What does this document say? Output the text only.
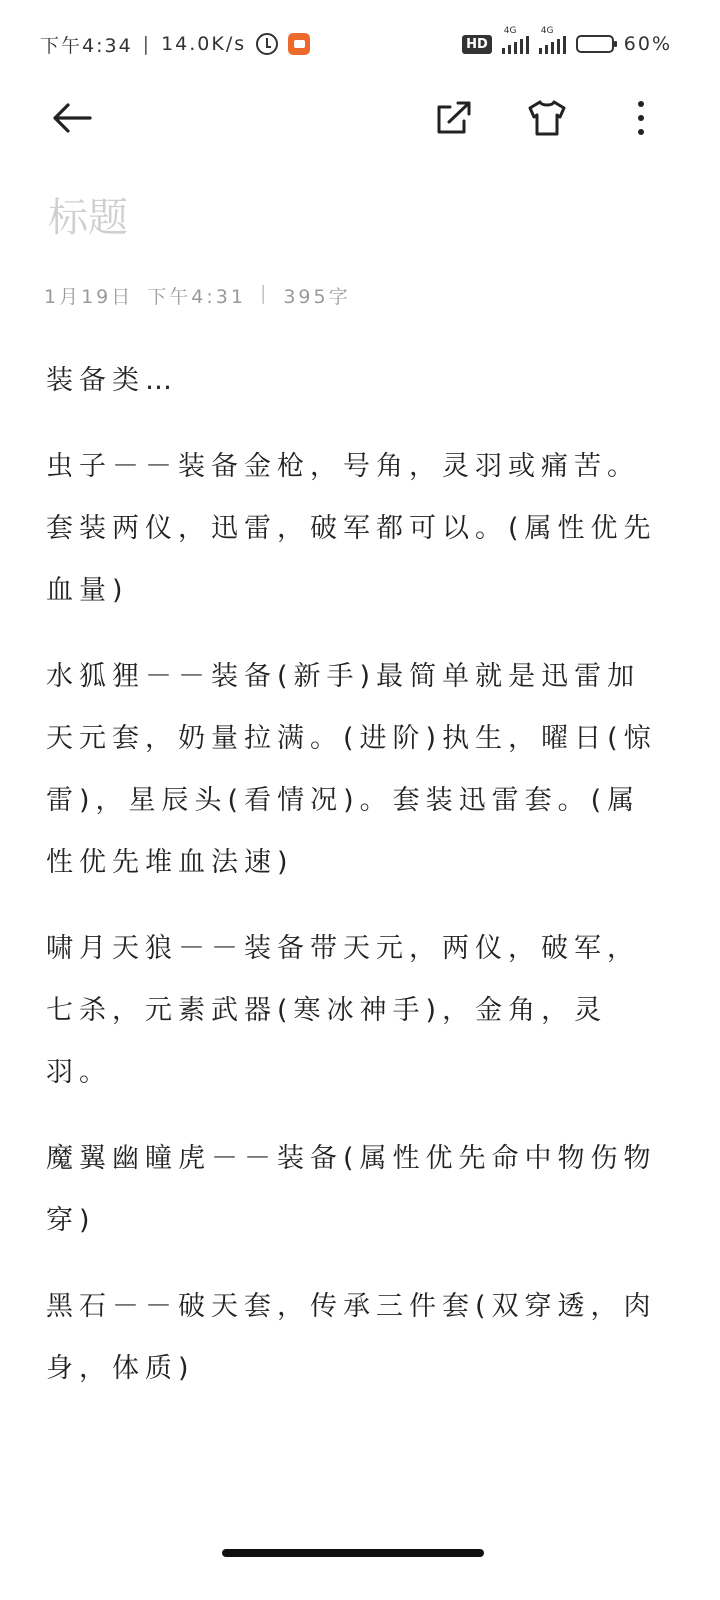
下午4:34 | 14.0K/s	HD
4G	4G
60%
标题
1月19日 下午4:31 | 395字

装备类…

虫子－－装备金枪，号角，灵羽或痛苦。套装两仪，迅雷，破军都可以。(属性优先血量)

水狐狸－－装备(新手)最简单就是迅雷加天元套，奶量拉满。(进阶)执生，曜日(惊雷)，星辰头(看情况)。套装迅雷套。(属性优先堆血法速)

啸月天狼－－装备带天元，两仪，破军，七杀，元素武器(寒冰神手)，金角，灵羽。

魔翼幽瞳虎－－装备(属性优先命中物伤物穿)

黑石－－破天套，传承三件套(双穿透，肉身，体质)
